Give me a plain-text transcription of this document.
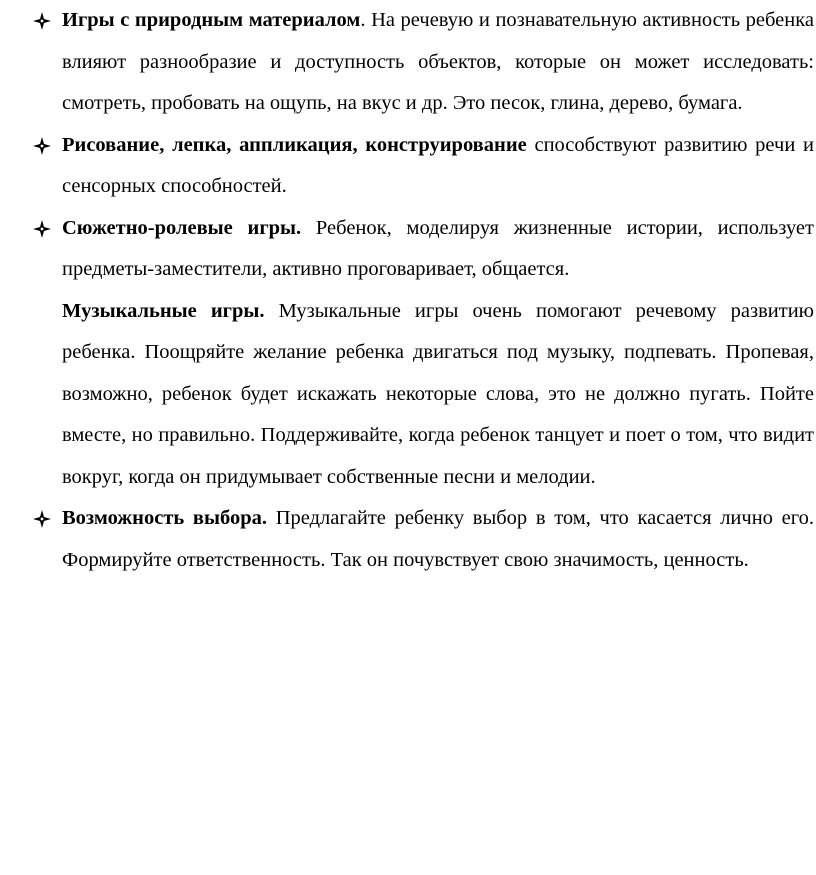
Игры с природным материалом. На речевую и познавательную активность ребенка влияют разнообразие и доступность объектов, которые он может исследовать: смотреть, пробовать на ощупь, на вкус и др. Это песок, глина, дерево, бумага.
Рисование, лепка, аппликация, конструирование способствуют развитию речи и сенсорных способностей.
Сюжетно-ролевые игры. Ребенок, моделируя жизненные истории, использует предметы-заместители, активно проговаривает, общается.
Музыкальные игры. Музыкальные игры очень помогают речевому развитию ребенка. Поощряйте желание ребенка двигаться под музыку, подпевать. Пропевая, возможно, ребенок будет искажать некоторые слова, это не должно пугать. Пойте вместе, но правильно. Поддерживайте, когда ребенок танцует и поет о том, что видит вокруг, когда он придумывает собственные песни и мелодии.
Возможность выбора. Предлагайте ребенку выбор в том, что касается лично его. Формируйте ответственность. Так он почувствует свою значимость, ценность.
